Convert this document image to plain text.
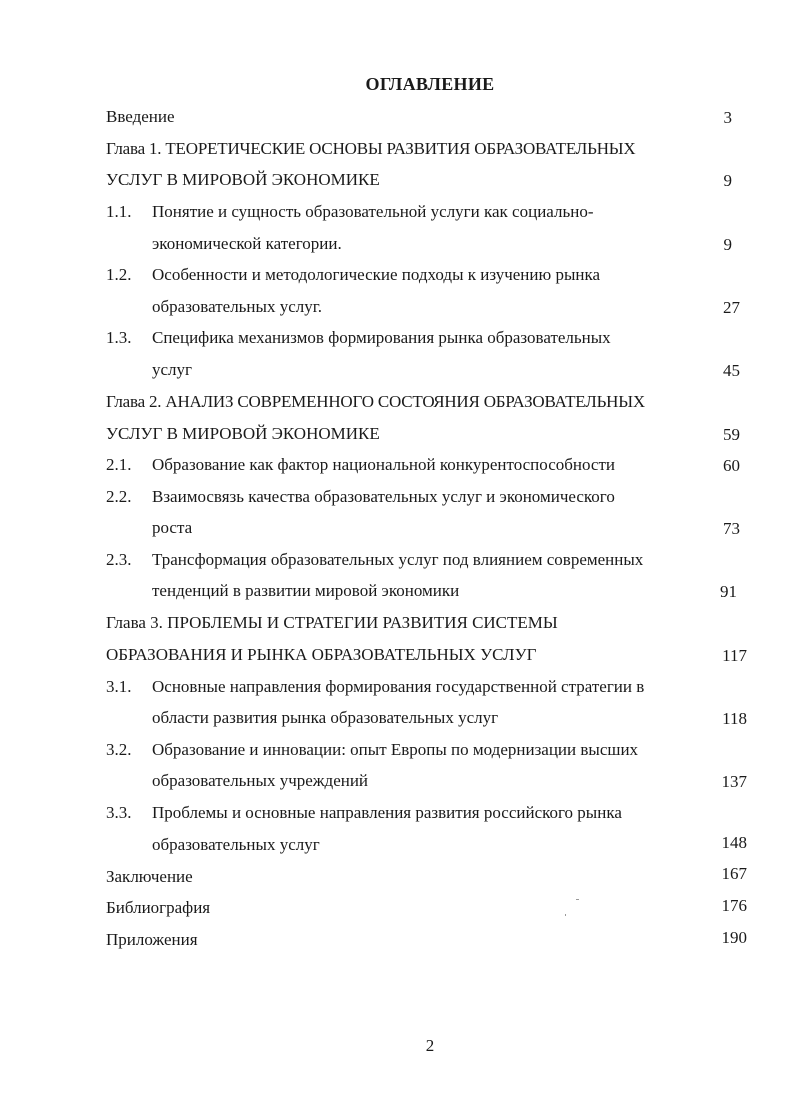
ОГЛАВЛЕНИЕ
Введение	3
Глава 1. ТЕОРЕТИЧЕСКИЕ ОСНОВЫ РАЗВИТИЯ ОБРАЗОВАТЕЛЬНЫХ
УСЛУГ В МИРОВОЙ ЭКОНОМИКЕ	9
1.1. Понятие и сущность образовательной услуги как социально-
экономической категории.	9
1.2. Особенности и методологические подходы к изучению рынка
образовательных услуг.	27
1.3. Специфика механизмов формирования рынка образовательных
услуг	45
Глава 2. АНАЛИЗ СОВРЕМЕННОГО СОСТОЯНИЯ ОБРАЗОВАТЕЛЬНЫХ
УСЛУГ В МИРОВОЙ ЭКОНОМИКЕ	59
2.1. Образование как фактор национальной конкурентоспособности	60
2.2. Взаимосвязь качества образовательных услуг и экономического
роста	73
2.3. Трансформация образовательных услуг под влиянием современных
тенденций в развитии мировой экономики	91
Глава 3. ПРОБЛЕМЫ И СТРАТЕГИИ РАЗВИТИЯ СИСТЕМЫ
ОБРАЗОВАНИЯ И РЫНКА ОБРАЗОВАТЕЛЬНЫХ УСЛУГ	117
3.1. Основные направления формирования государственной стратегии в
области развития рынка образовательных услуг	118
3.2. Образование и инновации: опыт Европы по модернизации высших
образовательных учреждений	137
3.3. Проблемы и основные направления развития российского рынка
образовательных услуг	148
Заключение	167
Библиография	176
Приложения	190
2
